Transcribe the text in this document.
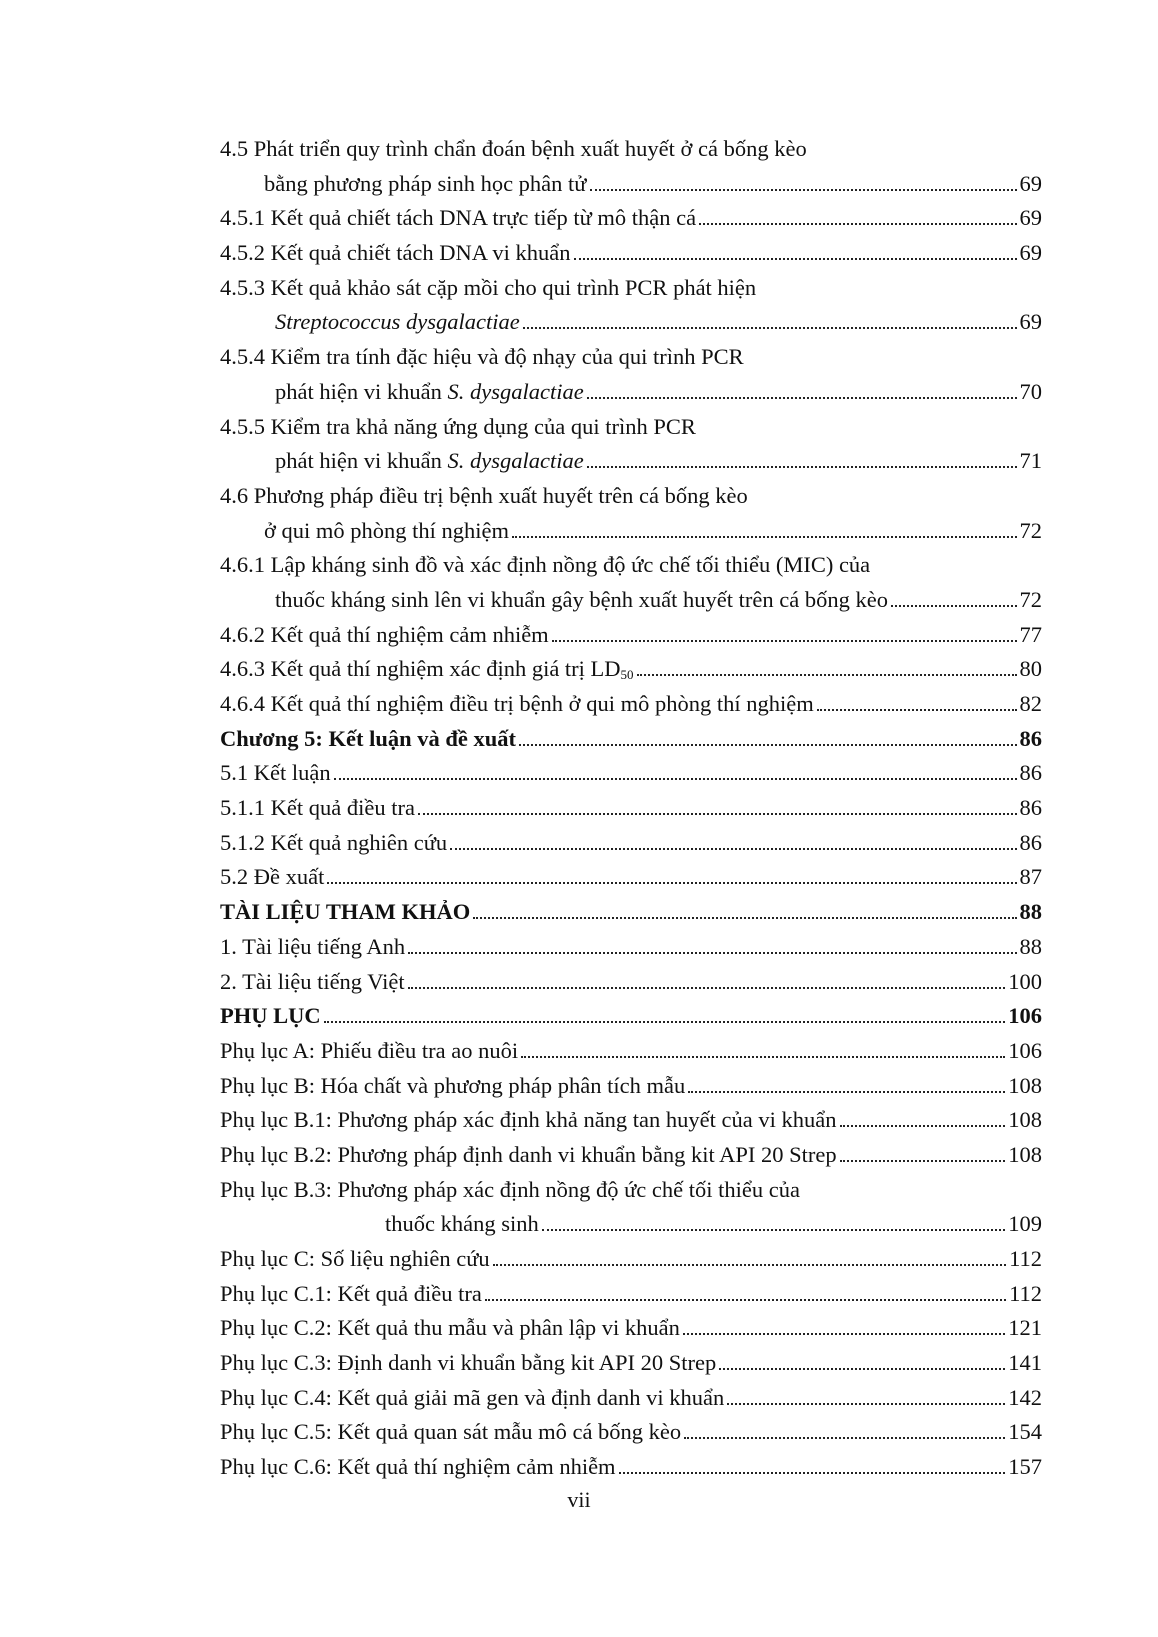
4.5 Phát triển quy trình chẩn đoán bệnh xuất huyết ở cá bống kèo
bằng phương pháp sinh học phân tử	69
4.5.1 Kết quả chiết tách DNA trực tiếp từ mô thận cá	69
4.5.2 Kết quả chiết tách DNA vi khuẩn	69
4.5.3 Kết quả khảo sát cặp mồi cho qui trình PCR phát hiện
Streptococcus dysgalactiae	69
4.5.4 Kiểm tra tính đặc hiệu và độ nhạy của qui trình PCR
phát hiện vi khuẩn S. dysgalactiae	70
4.5.5 Kiểm tra khả năng ứng dụng của qui trình PCR
phát hiện vi khuẩn S. dysgalactiae	71
4.6 Phương pháp điều trị bệnh xuất huyết trên cá bống kèo
ở qui mô phòng thí nghiệm	72
4.6.1 Lập kháng sinh đồ và xác định nồng độ ức chế tối thiểu (MIC) của
thuốc kháng sinh lên vi khuẩn gây bệnh xuất huyết trên cá bống kèo	72
4.6.2 Kết quả thí nghiệm cảm nhiễm	77
4.6.3 Kết quả thí nghiệm xác định giá trị $LD_{50}$	80
4.6.4 Kết quả thí nghiệm điều trị bệnh ở qui mô phòng thí nghiệm	82
Chương 5: Kết luận và đề xuất	86
5.1 Kết luận	86
5.1.1 Kết quả điều tra	86
5.1.2 Kết quả nghiên cứu	86
5.2 Đề xuất	87
TÀI LIỆU THAM KHẢO	88
1. Tài liệu tiếng Anh	88
2. Tài liệu tiếng Việt	100
PHỤ LỤC	106
Phụ lục A: Phiếu điều tra ao nuôi	106
Phụ lục B: Hóa chất và phương pháp phân tích mẫu	108
Phụ lục B.1: Phương pháp xác định khả năng tan huyết của vi khuẩn	108
Phụ lục B.2: Phương pháp định danh vi khuẩn bằng kit API 20 Strep	108
Phụ lục B.3: Phương pháp xác định nồng độ ức chế tối thiểu của
thuốc kháng sinh	109
Phụ lục C: Số liệu nghiên cứu	112
Phụ lục C.1: Kết quả điều tra	112
Phụ lục C.2: Kết quả thu mẫu và phân lập vi khuẩn	121
Phụ lục C.3: Định danh vi khuẩn bằng kit API 20 Strep	141
Phụ lục C.4: Kết quả giải mã gen và định danh vi khuẩn	142
Phụ lục C.5: Kết quả quan sát mẫu mô cá bống kèo	154
Phụ lục C.6: Kết quả thí nghiệm cảm nhiễm	157
vii
